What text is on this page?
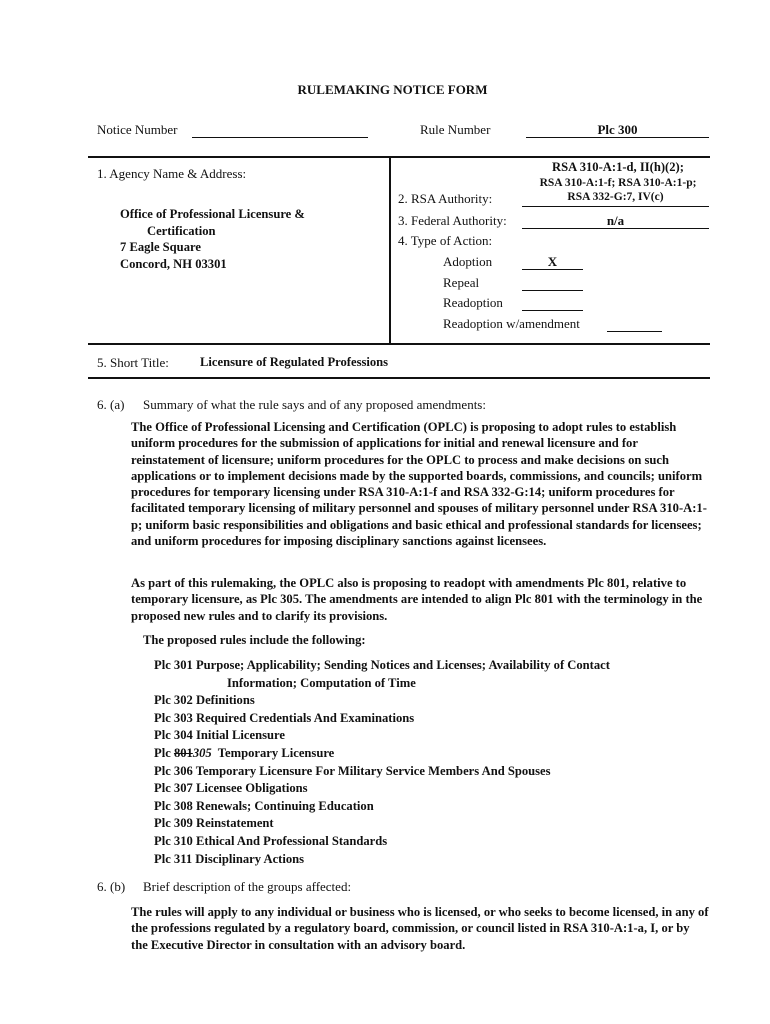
RULEMAKING NOTICE FORM
Notice Number	Rule Number	Plc 300
1. Agency Name & Address:
Office of Professional Licensure &
Certification
7 Eagle Square
Concord, NH 03301
RSA 310-A:1-d, II(h)(2);
RSA 310-A:1-f; RSA 310-A:1-p;
2. RSA Authority:	RSA 332-G:7, IV(c)
3. Federal Authority:	n/a
4. Type of Action:
Adoption	X
Repeal
Readoption
Readoption w/amendment
5. Short Title: Licensure of Regulated Professions
6. (a) Summary of what the rule says and of any proposed amendments:
The Office of Professional Licensing and Certification (OPLC) is proposing to adopt rules to establish uniform procedures for the submission of applications for initial and renewal licensure and for reinstatement of licensure; uniform procedures for the OPLC to process and make decisions on such applications or to implement decisions made by the supported boards, commissions, and councils; uniform procedures for temporary licensing under RSA 310-A:1-f and RSA 332-G:14; uniform procedures for facilitated temporary licensing of military personnel and spouses of military personnel under RSA 310-A:1-p; uniform basic responsibilities and obligations and basic ethical and professional standards for licensees; and uniform procedures for imposing disciplinary sanctions against licensees.
As part of this rulemaking, the OPLC also is proposing to readopt with amendments Plc 801, relative to temporary licensure, as Plc 305. The amendments are intended to align Plc 801 with the terminology in the proposed new rules and to clarify its provisions.
The proposed rules include the following:
Plc 301 Purpose; Applicability; Sending Notices and Licenses; Availability of Contact
Information; Computation of Time
Plc 302 Definitions
Plc 303 Required Credentials And Examinations
Plc 304 Initial Licensure
Plc 801305  Temporary Licensure
Plc 306 Temporary Licensure For Military Service Members And Spouses
Plc 307 Licensee Obligations
Plc 308 Renewals; Continuing Education
Plc 309 Reinstatement
Plc 310 Ethical And Professional Standards
Plc 311 Disciplinary Actions
6. (b) Brief description of the groups affected:
The rules will apply to any individual or business who is licensed, or who seeks to become licensed, in any of the professions regulated by a regulatory board, commission, or council listed in RSA 310-A:1-a, I, or by the Executive Director in consultation with an advisory board.
